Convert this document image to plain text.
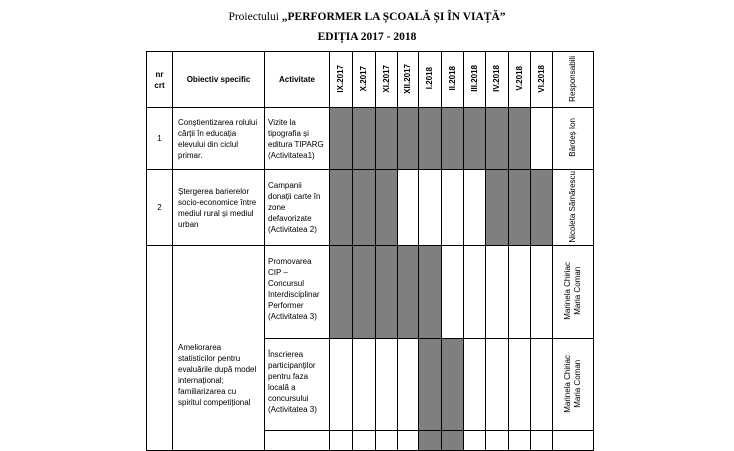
Proiectului „PERFORMER LA ȘCOALĂ ȘI ÎN VIAȚĂ”
EDIȚIA 2017 - 2018
nr
crt	Obiectiv specific	Activitate	IX.2017	X.2017	XI.2017	XII.2017	I.2018	II.2018	III.2018	IV.2018	V.2018	VI.2018	Responsabili
1	Conștientizarea rolului cărții în educația elevului din ciclul primar.	Vizite la tipografia și editura TIPARG (Activitatea1)											Bârdeș Ion
2	Ștergerea barierelor socio-economice între mediul rural și mediul urban	Campanii donații carte în zone defavorizate (Activitatea 2)											Nicoleta Sămărescu
	Ameliorarea statisticilor pentru evaluările după model internațional; familiarizarea cu spiritul competițional	Promovarea CIP – Concursul Interdisciplinar Performer (Activitatea 3)											Marinela Chiriac
Maria Coman
		Înscrierea participanților pentru faza locală a concursului (Activitatea 3)											Marinela Chiriac
Maria Coman
